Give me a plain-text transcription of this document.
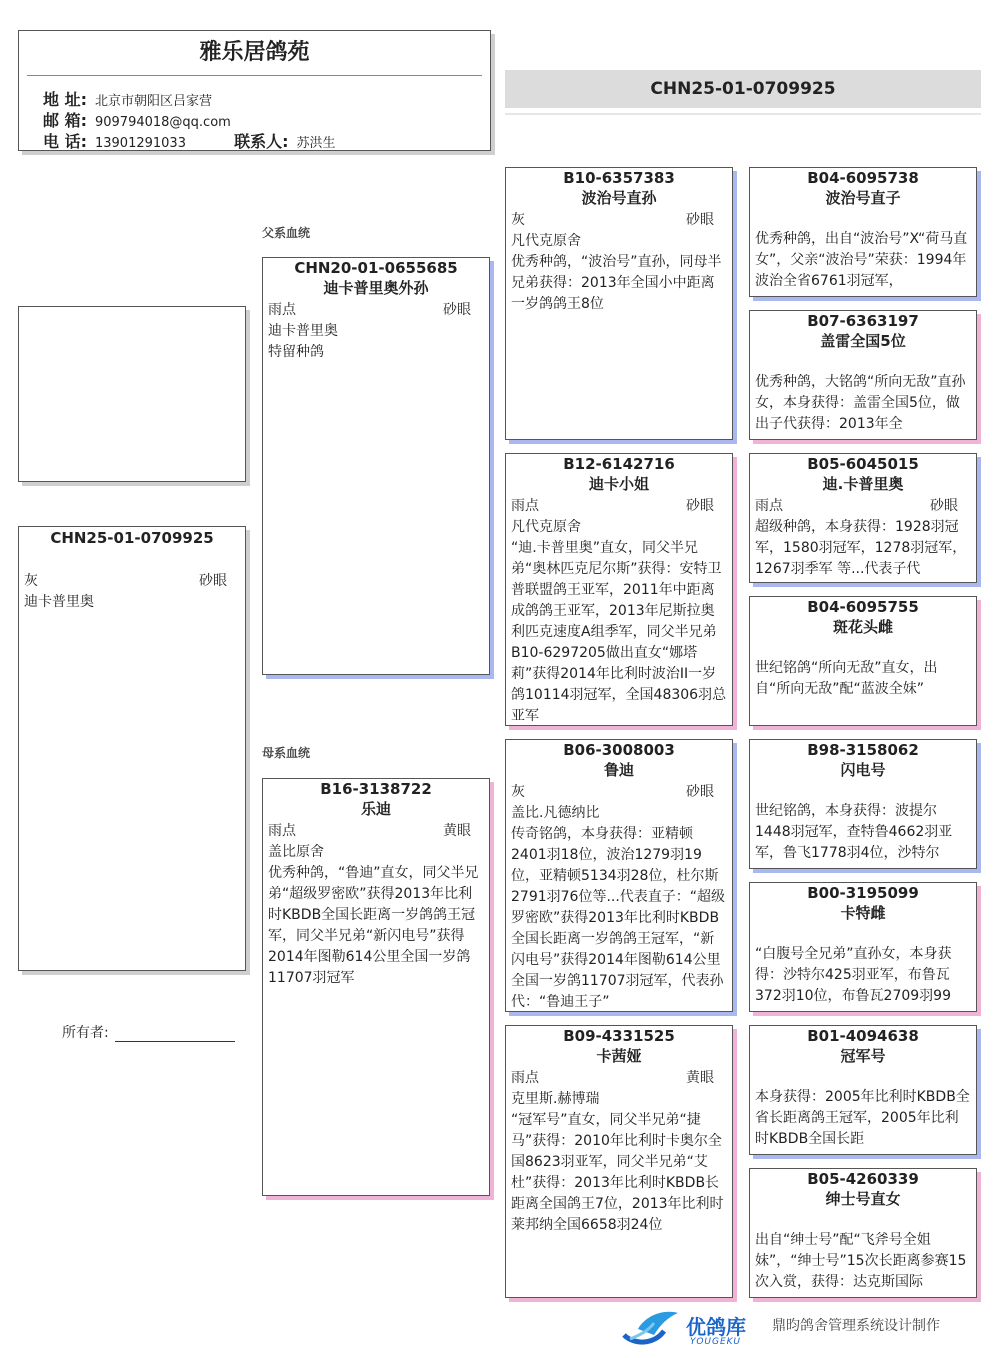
雅乐居鸽苑
地 址: 北京市朝阳区吕家营
邮 箱: 909794018@qq.com
电 话: 13901291033	联系人: 苏洪生
CHN25-01-0709925
父系血统
母系血统
CHN25-01-0709925
灰	砂眼
迪卡普里奥
所有者:
CHN20-01-0655685
迪卡普里奥外孙
雨点	砂眼
迪卡普里奥
特留种鸽
B16-3138722
乐迪
雨点	黄眼
盖比原舍
优秀种鸽，“鲁迪”直女，同父半兄弟“超级罗密欧”获得2013年比利时KBDB全国长距离一岁鸽鸽王冠军，同父半兄弟“新闪电号”获得2014年图勒614公里全国一岁鸽11707羽冠军
B10-6357383
波治号直孙
灰	砂眼
凡代克原舍
优秀种鸽，“波治号”直孙，同母半兄弟获得：2013年全国小中距离一岁鸽鸽王8位
B12-6142716
迪卡小姐
雨点	砂眼
凡代克原舍
“迪.卡普里奥”直女，同父半兄弟“奥林匹克尼尔斯”获得：安特卫普联盟鸽王亚军，2011年中距离成鸽鸽王亚军，2013年尼斯拉奥利匹克速度A组季军，同父半兄弟B10-6297205做出直女“娜塔莉”获得2014年比利时波治II一岁鸽10114羽冠军，全国48306羽总亚军
B06-3008003
鲁迪
灰	砂眼
盖比.凡德纳比
传奇铭鸽，本身获得：亚精顿2401羽18位，波治1279羽19位，亚精顿5134羽28位，杜尔斯2791羽76位等...代表直子：“超级罗密欧”获得2013年比利时KBDB全国长距离一岁鸽鸽王冠军，“新闪电号”获得2014年图勒614公里全国一岁鸽11707羽冠军，代表孙代：“鲁迪王子”
B09-4331525
卡茜娅
雨点	黄眼
克里斯.赫博瑞
“冠军号”直女，同父半兄弟“捷马”获得：2010年比利时卡奥尔全国8623羽亚军，同父半兄弟“艾杜”获得：2013年比利时KBDB长距离全国鸽王7位，2013年比利时莱邦纳全国6658羽24位
B04-6095738
波治号直子
优秀种鸽，出自“波治号”X“荷马直女”，父亲“波治号”荣获：1994年波治全省6761羽冠军，
B07-6363197
盖雷全国5位
优秀种鸽，大铭鸽“所向无敌”直孙女，本身获得：盖雷全国5位，做出子代获得：2013年全
B05-6045015
迪.卡普里奥
雨点	砂眼
超级种鸽，本身获得：1928羽冠军，1580羽冠军，1278羽冠军，1267羽季军 等...代表子代
B04-6095755
斑花头雌
世纪铭鸽“所向无敌”直女，出自“所向无敌”配“蓝波全妹”
B98-3158062
闪电号
世纪铭鸽，本身获得：波提尔1448羽冠军，查特鲁4662羽亚军，鲁飞1778羽4位，沙特尔
B00-3195099
卡特雌
“白腹号全兄弟”直孙女，本身获得：沙特尔425羽亚军，布鲁瓦372羽10位，布鲁瓦2709羽99
B01-4094638
冠军号
本身获得：2005年比利时KBDB全省长距离鸽王冠军，2005年比利时KBDB全国长距
B05-4260339
绅士号直女
出自“绅士号”配“飞斧号全姐妹”，“绅士号”15次长距离参赛15次入赏，获得：达克斯国际
优鸽库
YOUGEKU
鼎昀鸽舍管理系统设计制作
